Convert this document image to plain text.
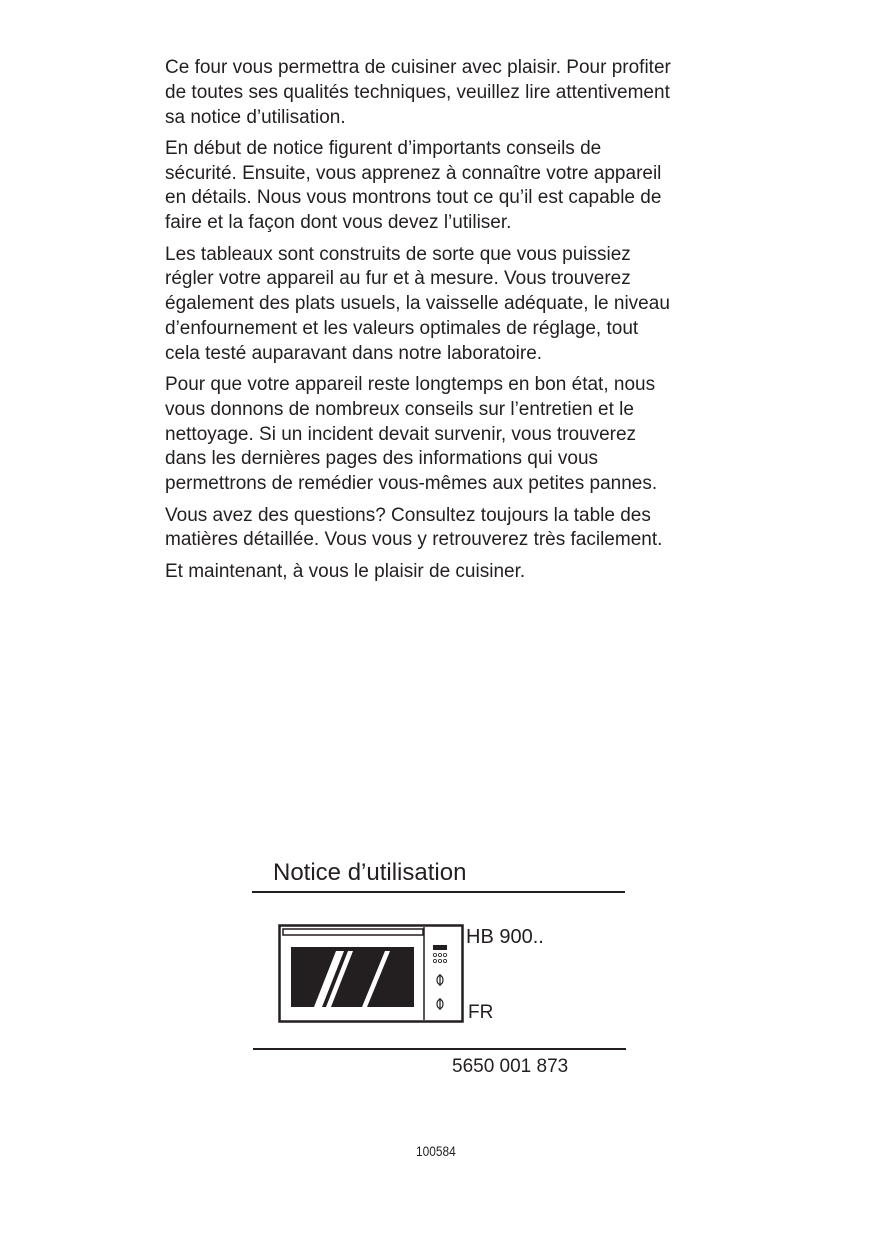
Ce four vous permettra de cuisiner avec plaisir. Pour profiter
de toutes ses qualités techniques, veuillez lire attentivement
sa notice d’utilisation.

En début de notice figurent d’importants conseils de
sécurité. Ensuite, vous apprenez à connaître votre appareil
en détails. Nous vous montrons tout ce qu’il est capable de
faire et la façon dont vous devez l’utiliser.

Les tableaux sont construits de sorte que vous puissiez
régler votre appareil au fur et à mesure. Vous trouverez
également des plats usuels, la vaisselle adéquate, le niveau
d’enfournement et les valeurs optimales de réglage, tout
cela testé auparavant dans notre laboratoire.

Pour que votre appareil reste longtemps en bon état, nous
vous donnons de nombreux conseils sur l’entretien et le
nettoyage. Si un incident devait survenir, vous trouverez
dans les dernières pages des informations qui vous
permettrons de remédier vous-mêmes aux petites pannes.

Vous avez des questions? Consultez toujours la table des
matières détaillée. Vous vous y retrouverez très facilement.

Et maintenant, à vous le plaisir de cuisiner.

Notice d’utilisation
HB 900..
FR
5650 001 873
100584
